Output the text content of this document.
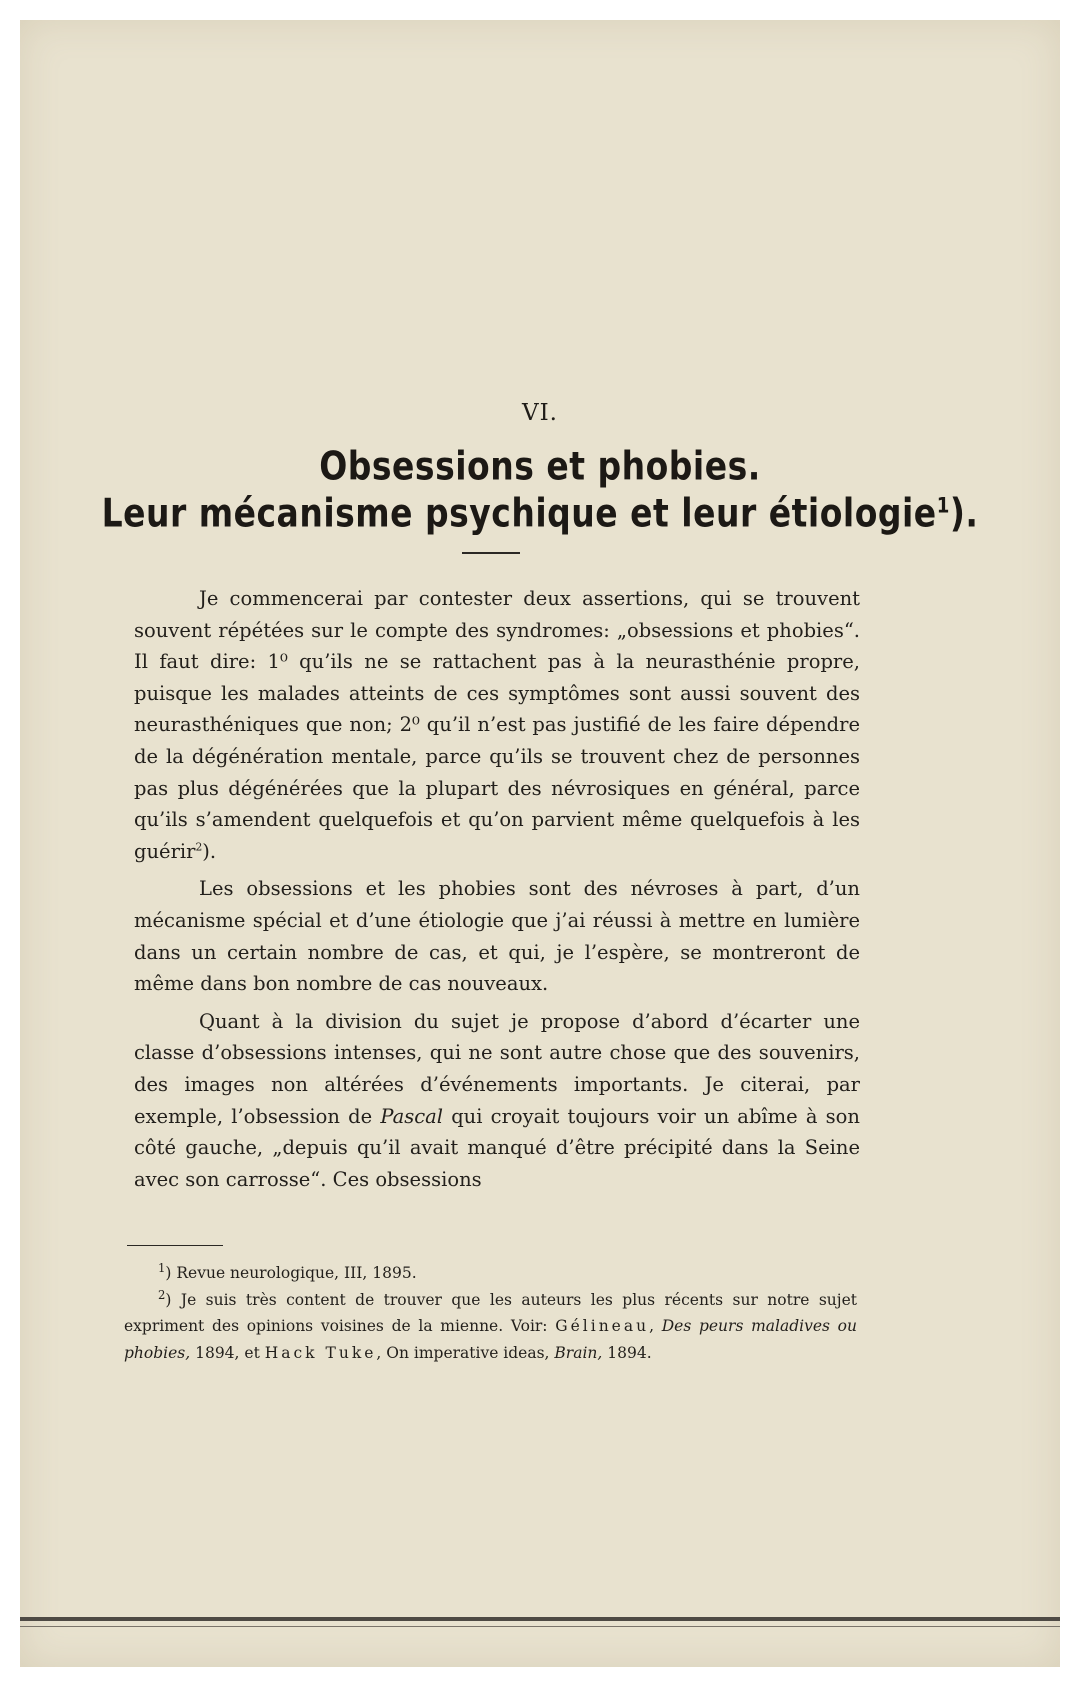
VI.
Obsessions et phobies.
Leur mécanisme psychique et leur étiologie$^1$).

Je commencerai par contester deux assertions, qui se trouvent souvent répétées sur le compte des syndromes: „obsessions et phobies“. Il faut dire: 1⁰ qu’ils ne se rattachent pas à la neurasthénie propre, puisque les malades atteints de ces symptômes sont aussi souvent des neurasthéniques que non; 2⁰ qu’il n’est pas justifié de les faire dépendre de la dégénération mentale, parce qu’ils se trouvent chez de personnes pas plus dégénérées que la plupart des névrosiques en général, parce qu’ils s’amendent quelquefois et qu’on parvient même quelquefois à les guérir$^2$).

Les obsessions et les phobies sont des névroses à part, d’un mécanisme spécial et d’une étiologie que j’ai réussi à mettre en lumière dans un certain nombre de cas, et qui, je l’espère, se montreront de même dans bon nombre de cas nouveaux.

Quant à la division du sujet je propose d’abord d’écarter une classe d’obsessions intenses, qui ne sont autre chose que des souvenirs, des images non altérées d’événements importants. Je citerai, par exemple, l’obsession de Pascal qui croyait toujours voir un abîme à son côté gauche, „depuis qu’il avait manqué d’être précipité dans la Seine avec son carrosse“. Ces obsessions

$^1$) Revue neurologique, III, 1895.

$^2$) Je suis très content de trouver que les auteurs les plus récents sur notre sujet expriment des opinions voisines de la mienne. Voir: Gélineau, Des peurs maladives ou phobies, 1894, et Hack Tuke, On imperative ideas, Brain, 1894.
